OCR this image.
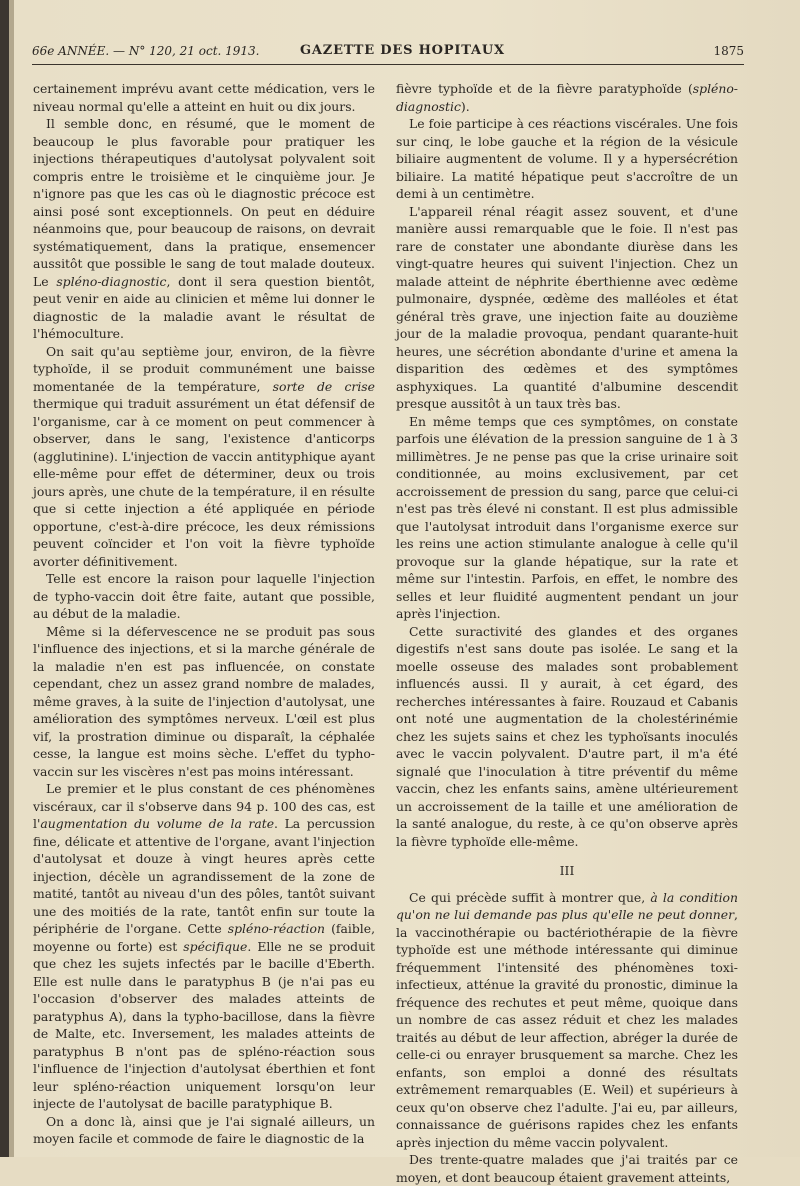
66e ANNÉE. — N° 120, 21 oct. 1913.	GAZETTE DES HOPITAUX	1875

certainement imprévu avant cette médication, vers le niveau normal qu'elle a atteint en huit ou dix jours.

Il semble donc, en résumé, que le moment de beaucoup le plus favorable pour pratiquer les injections thérapeutiques d'autolysat polyvalent soit compris entre le troisième et le cinquième jour. Je n'ignore pas que les cas où le diagnostic précoce est ainsi posé sont exceptionnels. On peut en déduire néanmoins que, pour beaucoup de raisons, on devrait systématiquement, dans la pratique, ensemencer aussitôt que possible le sang de tout malade douteux. Le spléno-diagnostic, dont il sera question bientôt, peut venir en aide au clinicien et même lui donner le diagnostic de la maladie avant le résultat de l'hémoculture.

On sait qu'au septième jour, environ, de la fièvre typhoïde, il se produit communément une baisse momentanée de la température, sorte de crise thermique qui traduit assurément un état défensif de l'organisme, car à ce moment on peut commencer à observer, dans le sang, l'existence d'anticorps (agglutinine). L'injection de vaccin antityphique ayant elle-même pour effet de déterminer, deux ou trois jours après, une chute de la température, il en résulte que si cette injection a été appliquée en période opportune, c'est-à-dire précoce, les deux rémissions peuvent coïncider et l'on voit la fièvre typhoïde avorter définitivement.

Telle est encore la raison pour laquelle l'injection de typho-vaccin doit être faite, autant que possible, au début de la maladie.

Même si la défervescence ne se produit pas sous l'influence des injections, et si la marche générale de la maladie n'en est pas influencée, on constate cependant, chez un assez grand nombre de malades, même graves, à la suite de l'injection d'autolysat, une amélioration des symptômes nerveux. L'œil est plus vif, la prostration diminue ou disparaît, la céphalée cesse, la langue est moins sèche. L'effet du typho-vaccin sur les viscères n'est pas moins intéressant.

Le premier et le plus constant de ces phénomènes viscéraux, car il s'observe dans 94 p. 100 des cas, est l'augmentation du volume de la rate. La percussion fine, délicate et attentive de l'organe, avant l'injection d'autolysat et douze à vingt heures après cette injection, décèle un agrandissement de la zone de matité, tantôt au niveau d'un des pôles, tantôt suivant une des moitiés de la rate, tantôt enfin sur toute la périphérie de l'organe. Cette spléno-réaction (faible, moyenne ou forte) est spécifique. Elle ne se produit que chez les sujets infectés par le bacille d'Eberth. Elle est nulle dans le paratyphus B (je n'ai pas eu l'occasion d'observer des malades atteints de paratyphus A), dans la typho-bacillose, dans la fièvre de Malte, etc. Inversement, les malades atteints de paratyphus B n'ont pas de spléno-réaction sous l'influence de l'injection d'autolysat éberthien et font leur spléno-réaction uniquement lorsqu'on leur injecte de l'autolysat de bacille paratyphique B.

On a donc là, ainsi que je l'ai signalé ailleurs, un moyen facile et commode de faire le diagnostic de la

fièvre typhoïde et de la fièvre paratyphoïde (spléno-diagnostic).

Le foie participe à ces réactions viscérales. Une fois sur cinq, le lobe gauche et la région de la vésicule biliaire augmentent de volume. Il y a hypersécrétion biliaire. La matité hépatique peut s'accroître de un demi à un centimètre.

L'appareil rénal réagit assez souvent, et d'une manière aussi remarquable que le foie. Il n'est pas rare de constater une abondante diurèse dans les vingt-quatre heures qui suivent l'injection. Chez un malade atteint de néphrite éberthienne avec œdème pulmonaire, dyspnée, œdème des malléoles et état général très grave, une injection faite au douzième jour de la maladie provoqua, pendant quarante-huit heures, une sécrétion abondante d'urine et amena la disparition des œdèmes et des symptômes asphyxiques. La quantité d'albumine descendit presque aussitôt à un taux très bas.

En même temps que ces symptômes, on constate parfois une élévation de la pression sanguine de 1 à 3 millimètres. Je ne pense pas que la crise urinaire soit conditionnée, au moins exclusivement, par cet accroissement de pression du sang, parce que celui-ci n'est pas très élevé ni constant. Il est plus admissible que l'autolysat introduit dans l'organisme exerce sur les reins une action stimulante analogue à celle qu'il provoque sur la glande hépatique, sur la rate et même sur l'intestin. Parfois, en effet, le nombre des selles et leur fluidité augmentent pendant un jour après l'injection.

Cette suractivité des glandes et des organes digestifs n'est sans doute pas isolée. Le sang et la moelle osseuse des malades sont probablement influencés aussi. Il y aurait, à cet égard, des recherches intéressantes à faire. Rouzaud et Cabanis ont noté une augmentation de la cholestérinémie chez les sujets sains et chez les typhoïsants inoculés avec le vaccin polyvalent. D'autre part, il m'a été signalé que l'inoculation à titre préventif du même vaccin, chez les enfants sains, amène ultérieurement un accroissement de la taille et une amélioration de la santé analogue, du reste, à ce qu'on observe après la fièvre typhoïde elle-même.

III

Ce qui précède suffit à montrer que, à la condition qu'on ne lui demande pas plus qu'elle ne peut donner, la vaccinothérapie ou bactériothérapie de la fièvre typhoïde est une méthode intéressante qui diminue fréquemment l'intensité des phénomènes toxi-infectieux, atténue la gravité du pronostic, diminue la fréquence des rechutes et peut même, quoique dans un nombre de cas assez réduit et chez les malades traités au début de leur affection, abréger la durée de celle-ci ou enrayer brusquement sa marche. Chez les enfants, son emploi a donné des résultats extrêmement remarquables (E. Weil) et supérieurs à ceux qu'on observe chez l'adulte. J'ai eu, par ailleurs, connaissance de guérisons rapides chez les enfants après injection du même vaccin polyvalent.

Des trente-quatre malades que j'ai traités par ce moyen, et dont beaucoup étaient gravement atteints,
